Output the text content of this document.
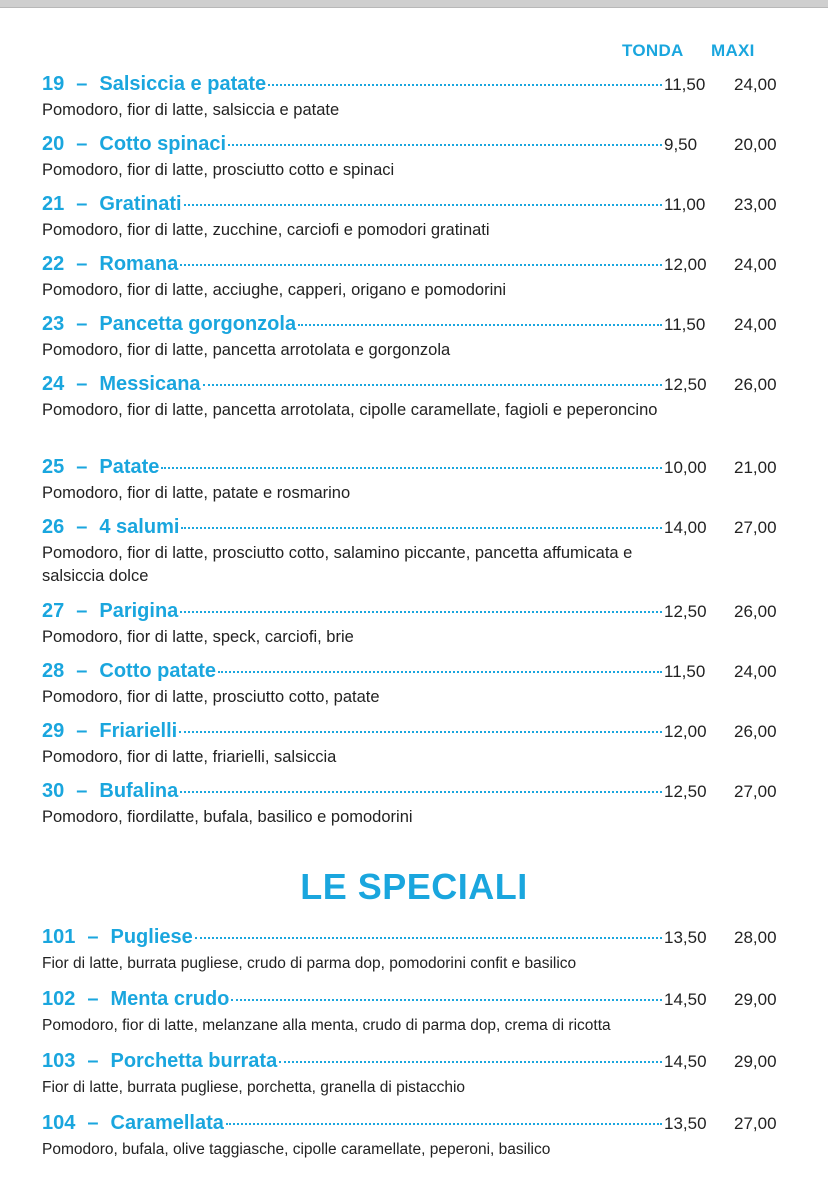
TONDA MAXI
19 – Salsiccia e patate	11,50	24,00
Pomodoro, fior di latte, salsiccia e patate
20 – Cotto spinaci	9,50	20,00
Pomodoro, fior di latte, prosciutto cotto e spinaci
21 – Gratinati	11,00	23,00
Pomodoro, fior di latte, zucchine, carciofi e pomodori gratinati
22 – Romana	12,00	24,00
Pomodoro, fior di latte, acciughe, capperi, origano e pomodorini
23 – Pancetta gorgonzola	11,50	24,00
Pomodoro, fior di latte, pancetta arrotolata e gorgonzola
24 – Messicana	12,50	26,00
Pomodoro, fior di latte, pancetta arrotolata, cipolle caramellate, fagioli e peperoncino
25 – Patate	10,00	21,00
Pomodoro, fior di latte, patate e rosmarino
26 – 4 salumi	14,00	27,00
Pomodoro, fior di latte, prosciutto cotto, salamino piccante, pancetta affumicata e salsiccia dolce
27 – Parigina	12,50	26,00
Pomodoro, fior di latte, speck, carciofi, brie
28 – Cotto patate	11,50	24,00
Pomodoro, fior di latte, prosciutto cotto, patate
29 – Friarielli	12,00	26,00
Pomodoro, fior di latte, friarielli, salsiccia
30 – Bufalina	12,50	27,00
Pomodoro, fiordilatte, bufala, basilico e pomodorini
LE SPECIALI
101 – Pugliese	13,50	28,00
Fior di latte, burrata pugliese, crudo di parma dop, pomodorini confit e basilico
102 – Menta crudo	14,50	29,00
Pomodoro, fior di latte, melanzane alla menta, crudo di parma dop, crema di ricotta
103 – Porchetta burrata	14,50	29,00
Fior di latte, burrata pugliese, porchetta, granella di pistacchio
104 – Caramellata	13,50	27,00
Pomodoro, bufala, olive taggiasche, cipolle caramellate, peperoni, basilico
